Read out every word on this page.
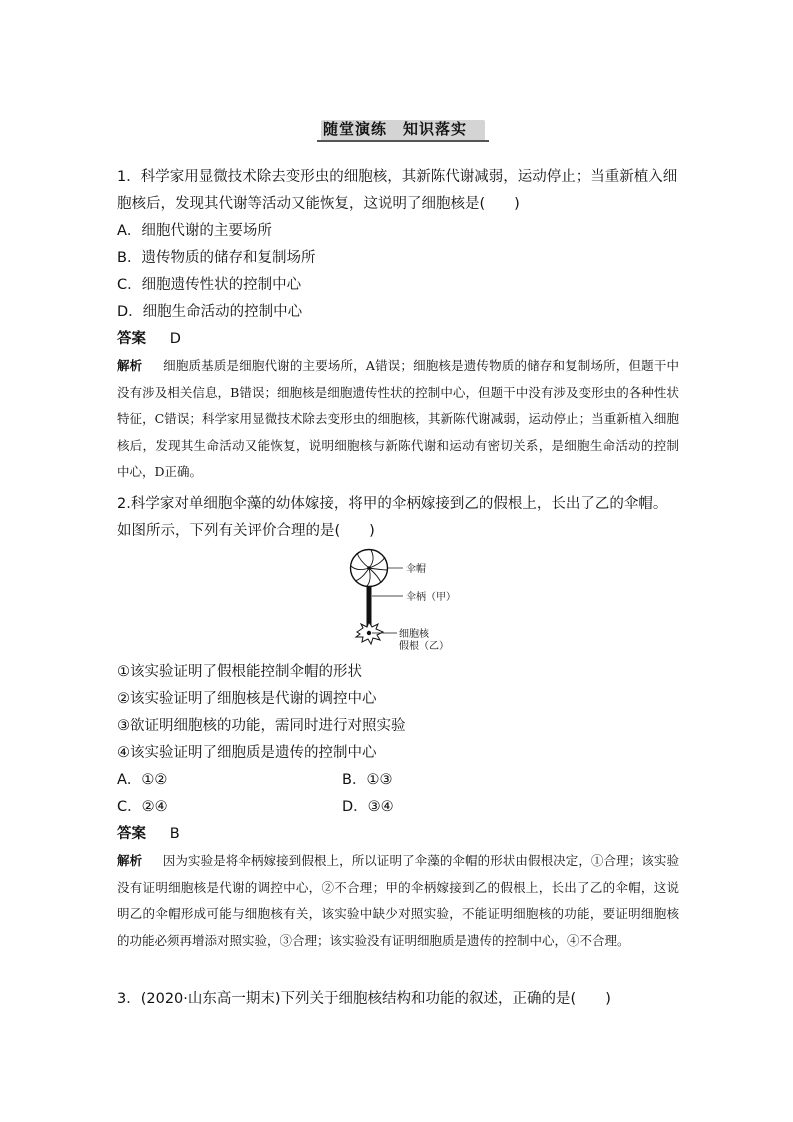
随堂演练　知识落实

1．科学家用显微技术除去变形虫的细胞核，其新陈代谢减弱，运动停止；当重新植入细胞核后，发现其代谢等活动又能恢复，这说明了细胞核是(　　)

A．细胞代谢的主要场所

B．遗传物质的储存和复制场所

C．细胞遗传性状的控制中心

D．细胞生命活动的控制中心

答案   D

解析   细胞质基质是细胞代谢的主要场所，A错误；细胞核是遗传物质的储存和复制场所，但题干中没有涉及相关信息，B错误；细胞核是细胞遗传性状的控制中心，但题干中没有涉及变形虫的各种性状特征，C错误；科学家用显微技术除去变形虫的细胞核，其新陈代谢减弱，运动停止；当重新植入细胞核后，发现其生命活动又能恢复，说明细胞核与新陈代谢和运动有密切关系，是细胞生命活动的控制中心，D正确。

2.科学家对单细胞伞藻的幼体嫁接，将甲的伞柄嫁接到乙的假根上，长出了乙的伞帽。如图所示，下列有关评价合理的是(　　)

伞帽
伞柄（甲）
细胞核
假根（乙）

①该实验证明了假根能控制伞帽的形状

②该实验证明了细胞核是代谢的调控中心

③欲证明细胞核的功能，需同时进行对照实验

④该实验证明了细胞质是遗传的控制中心

A．①②	B．①③
C．②④	D．③④

答案   B

解析   因为实验是将伞柄嫁接到假根上，所以证明了伞藻的伞帽的形状由假根决定，①合理；该实验没有证明细胞核是代谢的调控中心，②不合理；甲的伞柄嫁接到乙的假根上，长出了乙的伞帽，这说明乙的伞帽形成可能与细胞核有关，该实验中缺少对照实验，不能证明细胞核的功能，要证明细胞核的功能必须再增添对照实验，③合理；该实验没有证明细胞质是遗传的控制中心，④不合理。

3．(2020·山东高一期末)下列关于细胞核结构和功能的叙述，正确的是(　　)
